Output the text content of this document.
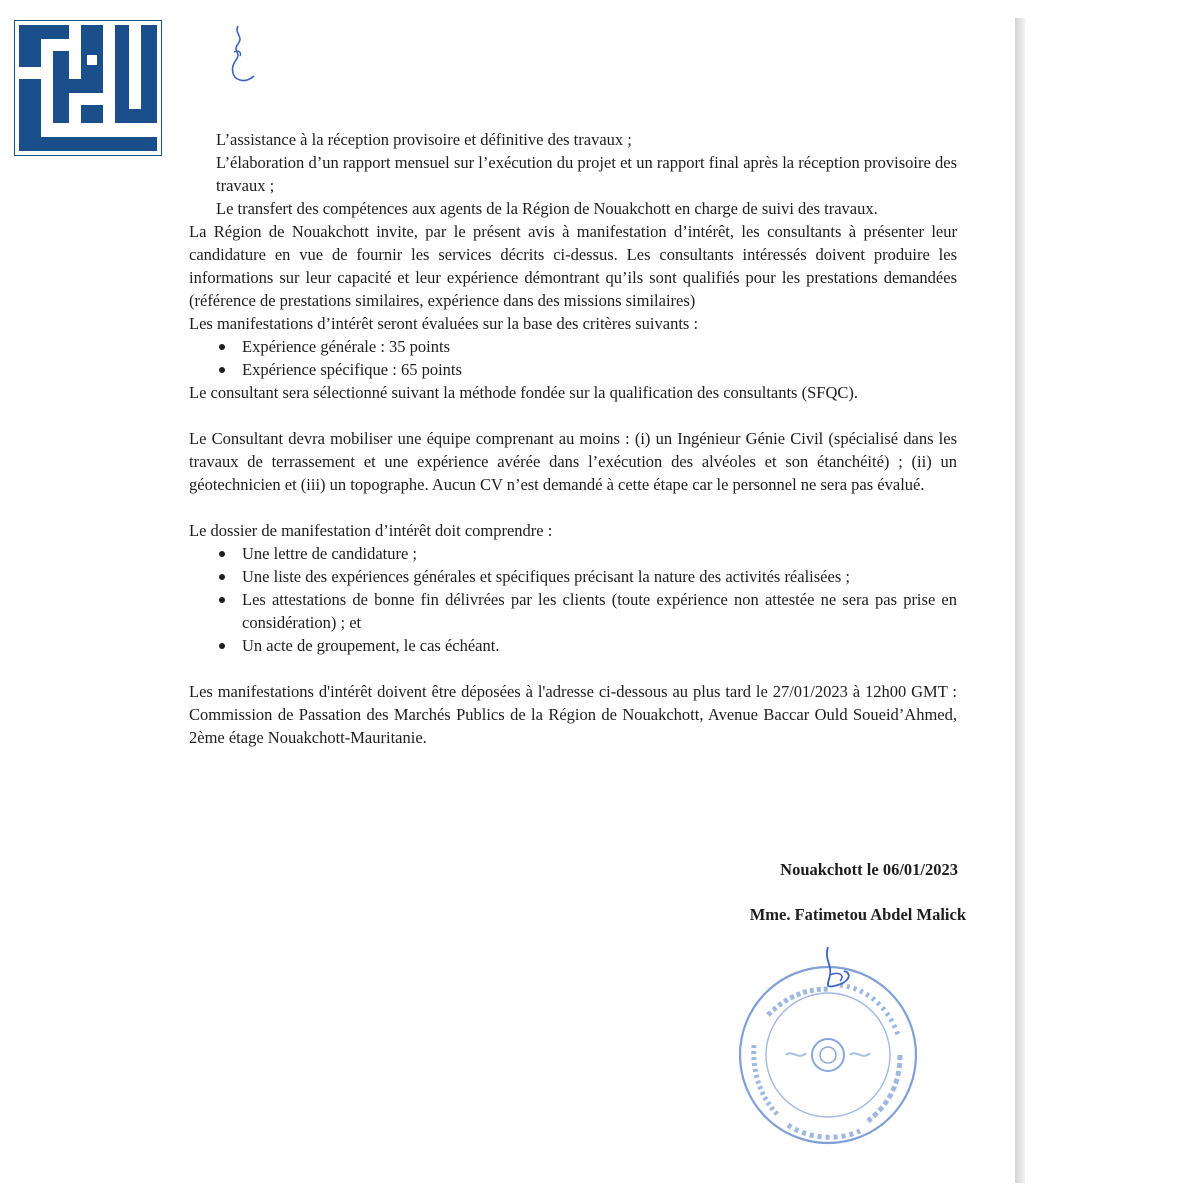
L’assistance à la réception provisoire et définitive des travaux ;
L’élaboration d’un rapport mensuel sur l’exécution du projet et un rapport final après la réception provisoire des travaux ;
Le transfert des compétences aux agents de la Région de Nouakchott en charge de suivi des travaux.

La Région de Nouakchott invite, par le présent avis à manifestation d’intérêt, les consultants à présenter leur candidature en vue de fournir les services décrits ci-dessus. Les consultants intéressés doivent produire les informations sur leur capacité et leur expérience démontrant qu’ils sont qualifiés pour les prestations demandées (référence de prestations similaires, expérience dans des missions similaires)

Les manifestations d’intérêt seront évaluées sur la base des critères suivants :

Expérience générale : 35 points
Expérience spécifique : 65 points

Le consultant sera sélectionné suivant la méthode fondée sur la qualification des consultants (SFQC).

Le Consultant devra mobiliser une équipe comprenant au moins : (i) un Ingénieur Génie Civil (spécialisé dans les travaux de terrassement et une expérience avérée dans l’exécution des alvéoles et son étanchéité) ; (ii) un géotechnicien et (iii) un topographe. Aucun CV n’est demandé à cette étape car le personnel ne sera pas évalué.

Le dossier de manifestation d’intérêt doit comprendre :

Une lettre de candidature ;
Une liste des expériences générales et spécifiques précisant la nature des activités réalisées ;
Les attestations de bonne fin délivrées par les clients (toute expérience non attestée ne sera pas prise en considération) ; et
Un acte de groupement, le cas échéant.

Les manifestations d'intérêt doivent être déposées à l'adresse ci-dessous au plus tard le 27/01/2023 à 12h00 GMT : Commission de Passation des Marchés Publics de la Région de Nouakchott, Avenue Baccar Ould Soueid’Ahmed, 2ème étage Nouakchott-Mauritanie.

Nouakchott le 06/01/2023
Mme. Fatimetou Abdel Malick
